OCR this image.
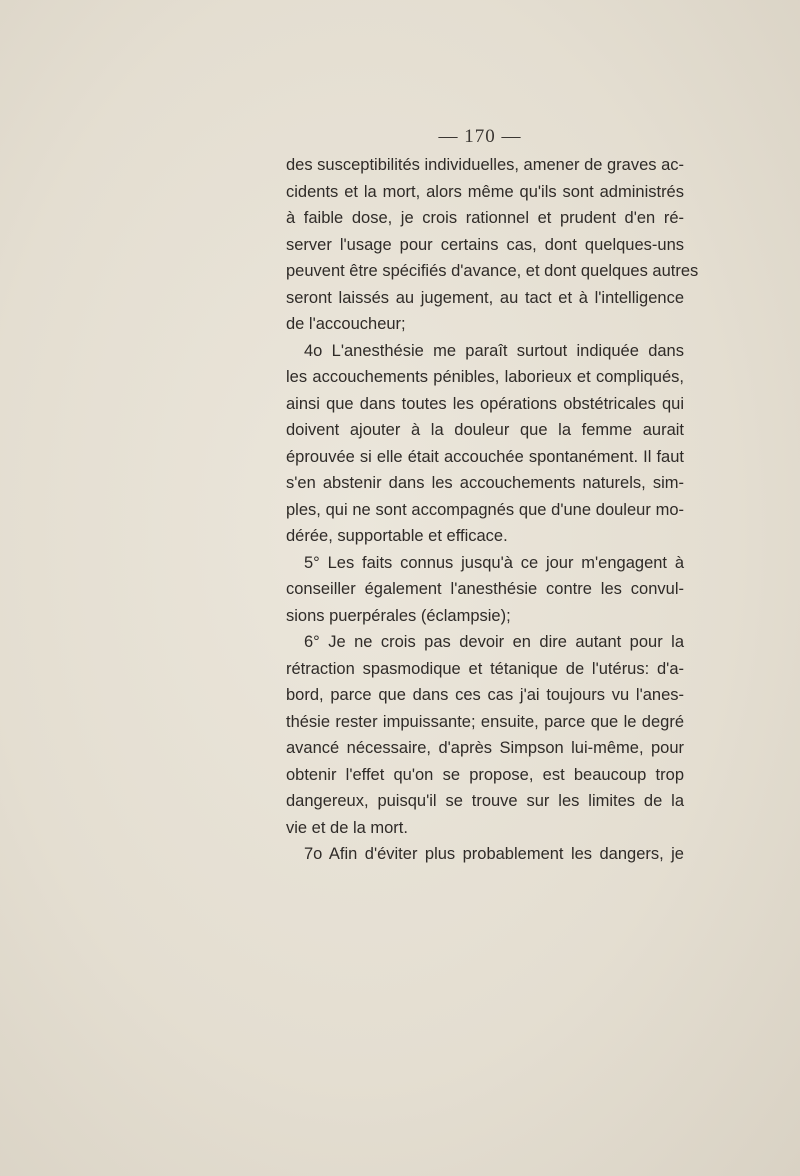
— 170 —
des susceptibilités individuelles, amener de graves ac-
cidents et la mort, alors même qu'ils sont administrés
à faible dose, je crois rationnel et prudent d'en ré-
server l'usage pour certains cas, dont quelques-uns
peuvent être spécifiés d'avance, et dont quelques autres
seront laissés au jugement, au tact et à l'intelligence
de l'accoucheur;
4o L'anesthésie me paraît surtout indiquée dans
les accouchements pénibles, laborieux et compliqués,
ainsi que dans toutes les opérations obstétricales qui
doivent ajouter à la douleur que la femme aurait
éprouvée si elle était accouchée spontanément. Il faut
s'en abstenir dans les accouchements naturels, sim-
ples, qui ne sont accompagnés que d'une douleur mo-
dérée, supportable et efficace.
5° Les faits connus jusqu'à ce jour m'engagent à
conseiller également l'anesthésie contre les convul-
sions puerpérales (éclampsie);
6° Je ne crois pas devoir en dire autant pour la
rétraction spasmodique et tétanique de l'utérus: d'a-
bord, parce que dans ces cas j'ai toujours vu l'anes-
thésie rester impuissante; ensuite, parce que le degré
avancé nécessaire, d'après Simpson lui-même, pour
obtenir l'effet qu'on se propose, est beaucoup trop
dangereux, puisqu'il se trouve sur les limites de la
vie et de la mort.
7o Afin d'éviter plus probablement les dangers, je
